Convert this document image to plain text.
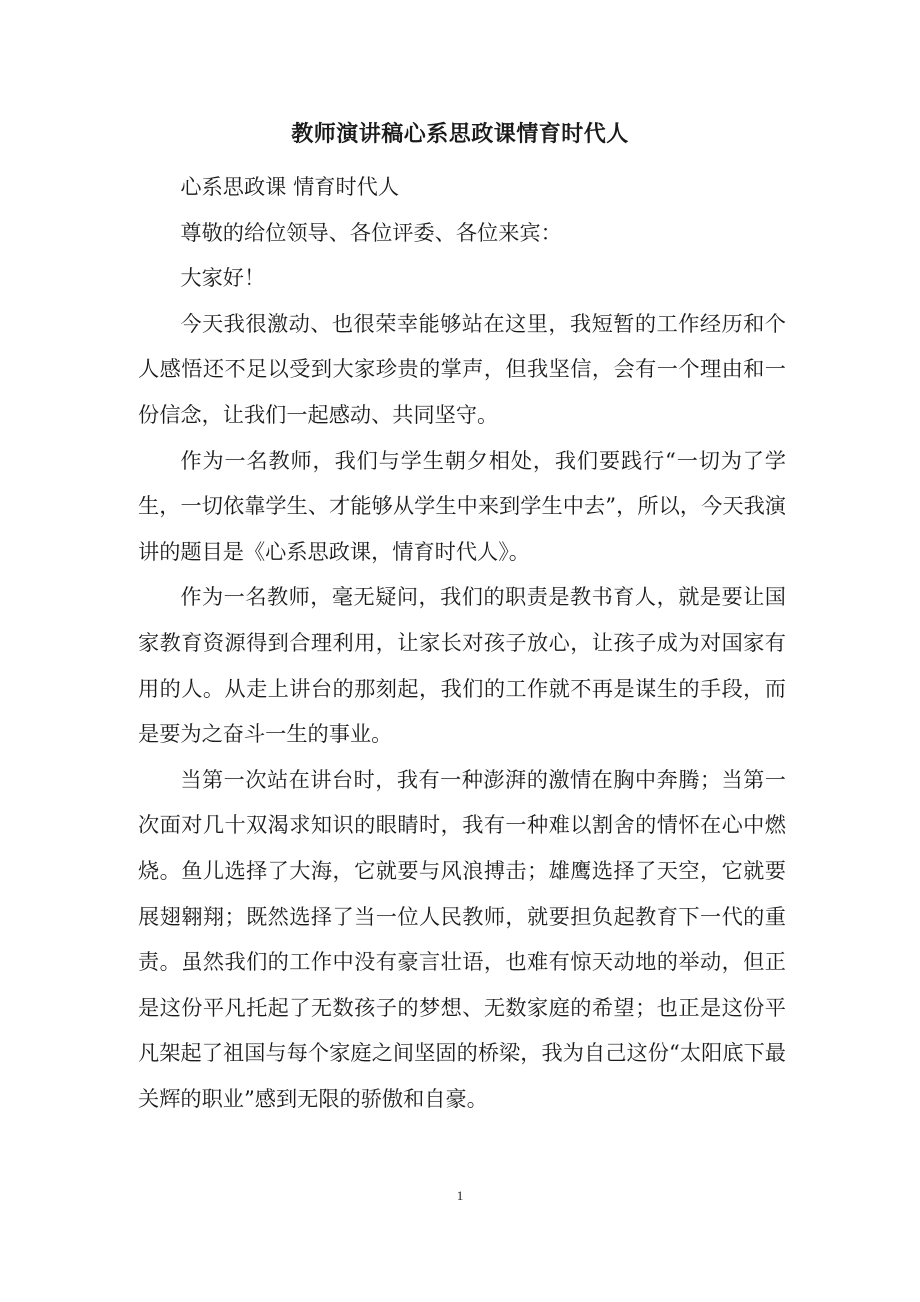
教师演讲稿心系思政课情育时代人

心系思政课 情育时代人

尊敬的给位领导、各位评委、各位来宾：

大家好！

今天我很激动、也很荣幸能够站在这里，我短暂的工作经历和个人感悟还不足以受到大家珍贵的掌声，但我坚信，会有一个理由和一份信念，让我们一起感动、共同坚守。

作为一名教师，我们与学生朝夕相处，我们要践行“一切为了学生，一切依靠学生、才能够从学生中来到学生中去”，所以，今天我演讲的题目是《心系思政课，情育时代人》。

作为一名教师，毫无疑问，我们的职责是教书育人，就是要让国家教育资源得到合理利用，让家长对孩子放心，让孩子成为对国家有用的人。从走上讲台的那刻起，我们的工作就不再是谋生的手段，而是要为之奋斗一生的事业。

当第一次站在讲台时，我有一种澎湃的激情在胸中奔腾；当第一次面对几十双渴求知识的眼睛时，我有一种难以割舍的情怀在心中燃烧。鱼儿选择了大海，它就要与风浪搏击；雄鹰选择了天空，它就要展翅翱翔；既然选择了当一位人民教师，就要担负起教育下一代的重责。虽然我们的工作中没有豪言壮语，也难有惊天动地的举动，但正是这份平凡托起了无数孩子的梦想、无数家庭的希望；也正是这份平凡架起了祖国与每个家庭之间坚固的桥梁，我为自己这份“太阳底下最关辉的职业”感到无限的骄傲和自豪。

1
